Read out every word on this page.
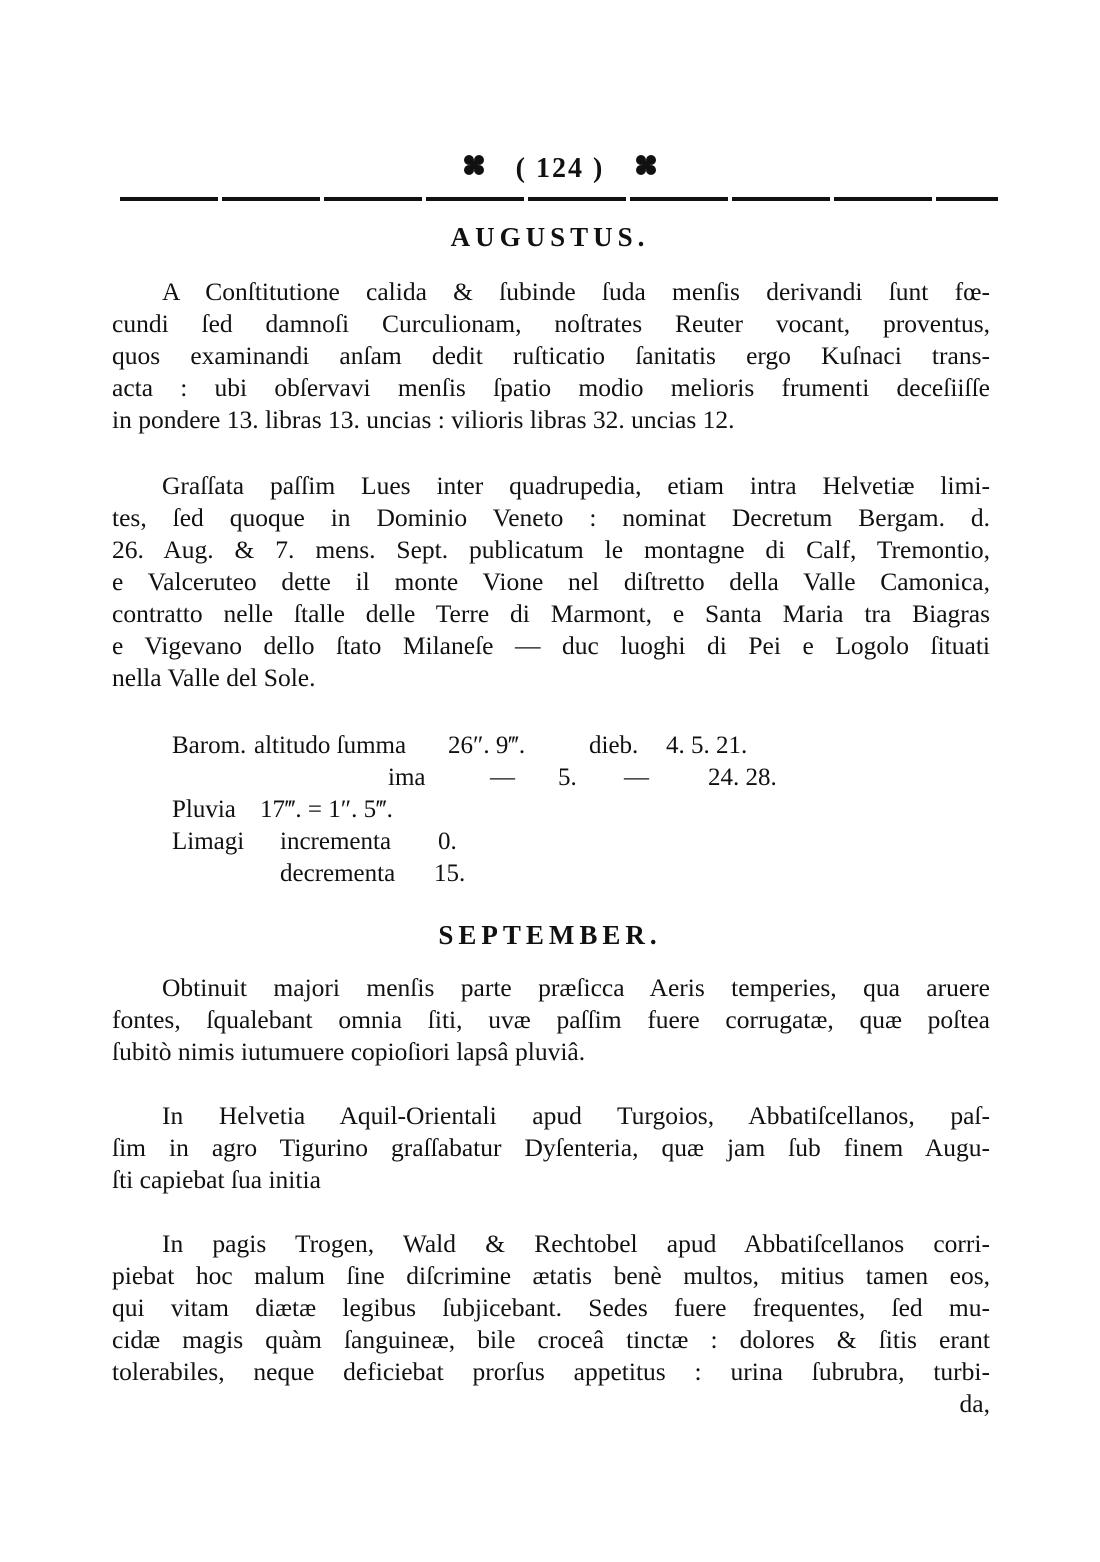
( 124 )
AUGUSTUS.
A Conſtitutione calida & ſubinde ſuda menſis derivandi ſunt fœ-
cundi ſed damnoſi Curculionam, noſtrates Reuter vocant, proventus,
quos examinandi anſam dedit ruſticatio ſanitatis ergo Kuſnaci trans-
acta : ubi obſervavi menſis ſpatio modio melioris frumenti deceſiiſſe
in pondere 13. libras 13. uncias : vilioris libras 32. uncias 12.
Graſſata paſſim Lues inter quadrupedia, etiam intra Helvetiæ limi-
tes, ſed quoque in Dominio Veneto : nominat Decretum Bergam. d.
26. Aug. & 7. mens. Sept. publicatum le montagne di Calf, Tremontio,
e Valceruteo dette il monte Vione nel diſtretto della Valle Camonica,
contratto nelle ſtalle delle Terre di Marmont, e Santa Maria tra Biagras
e Vigevano dello ſtato Milaneſe — duc luoghi di Pei e Logolo ſituati
nella Valle del Sole.
Barom. altitudo ſumma 26″. 9‴.	dieb. 4. 5. 21.
ima	— 5. — 24. 28.
Pluvia 17‴. = 1″. 5‴.
Limagi incrementa 0.
decrementa 15.
SEPTEMBER.
Obtinuit majori menſis parte præſicca Aeris temperies, qua aruere
fontes, ſqualebant omnia ſiti, uvæ paſſim fuere corrugatæ, quæ poſtea
ſubitò nimis iutumuere copioſiori lapsâ pluviâ.
In Helvetia Aquil-Orientali apud Turgoios, Abbatiſcellanos, paſ-
ſim in agro Tigurino graſſabatur Dyſenteria, quæ jam ſub finem Augu-
ſti capiebat ſua initia
In pagis Trogen, Wald & Rechtobel apud Abbatiſcellanos corri-
piebat hoc malum ſine diſcrimine ætatis benè multos, mitius tamen eos,
qui vitam diætæ legibus ſubjicebant. Sedes fuere frequentes, ſed mu-
cidæ magis quàm ſanguineæ, bile croceâ tinctæ : dolores & ſitis erant
tolerabiles, neque deficiebat prorſus appetitus : urina ſubrubra, turbi-
da,
